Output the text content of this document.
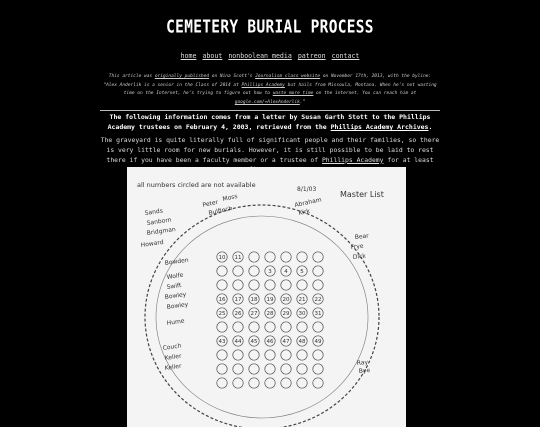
CEMETERY BURIAL PROCESS
home about nonboolean media patreon contact
This article was originally published on Nina Scott’s Journalism class website on November 17th, 2013, with the byline: “Alex Anderlik is a senior in the Class of 2014 at Phillips Academy but hails from Missoula, Montana. When he’s not wasting time on the Internet, he’s trying to figure out how to waste more time on the internet. You can reach him at google.com/+AlexAnderlik.”
The following information comes from a letter by Susan Garth Stott to the Phillips Academy trustees on February 4, 2003, retrieved from the Phillips Academy Archives.
The graveyard is quite literally full of significant people and their families, so there is very little room for new burials. However, it is still possible to be laid to rest there if you have been a faculty member or a trustee of Phillips Academy for at least
all numbers circled are not available
8/1/03
Master List
Sands
Sanborn
Bridgman
Howard
Bowden
Wolfe
Swift
Bowley
Bowley
Hume
Couch
Keller
Keller
Bear
Frye
Dick
Ray
Bye
Peter
Bulfinch
Moss	Abraham
Kirk
10 11
3 4 5
16 17 18 19 20 21 22
25 26 27 28 29 30 31
43 44 45 46 47 48 49
